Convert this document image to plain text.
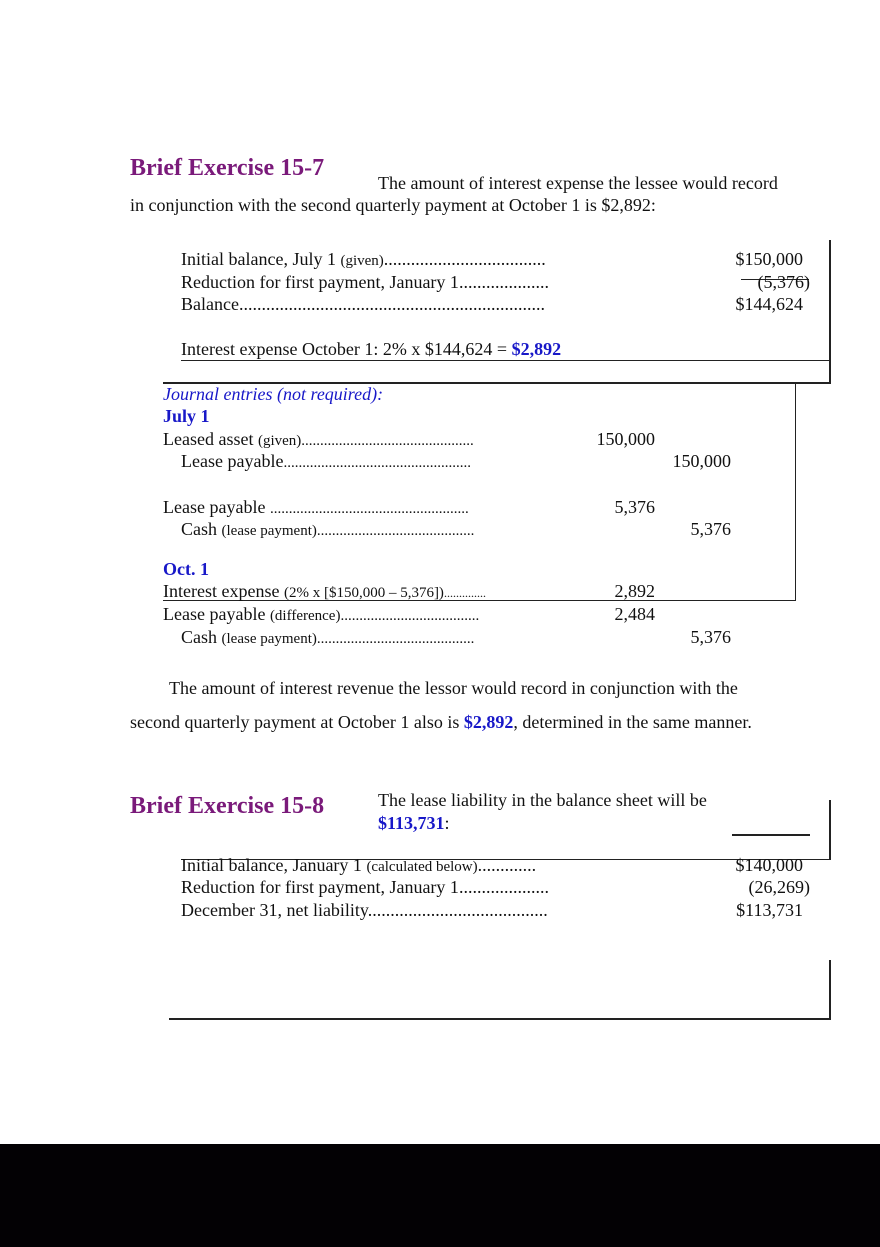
Brief Exercise 15-7
The amount of interest expense the lessee would record
in conjunction with the second quarterly payment at October 1 is $2,892:
Initial balance, July 1 (given)....................................	$150,000
Reduction for first payment, January 1....................	(5,376)
Balance....................................................................	$144,624
Interest expense October 1: 2% x $144,624 = $2,892
Journal entries (not required):
July 1
Leased asset (given)..............................................	150,000
Lease payable..................................................	150,000
Lease payable .....................................................	5,376
Cash (lease payment)..........................................	5,376
Oct. 1
Interest expense (2% x [$150,000 – 5,376])..............	2,892
Lease payable (difference).....................................	2,484
Cash (lease payment)..........................................	5,376
The amount of interest revenue the lessor would record in conjunction with the
second quarterly payment at October 1 also is $2,892, determined in the same manner.
Brief Exercise 15-8	The lease liability in the balance sheet will be
$113,731:
Initial balance, January 1 (calculated below).............	$140,000
Reduction for first payment, January 1....................	(26,269)
December 31, net liability........................................	$113,731
